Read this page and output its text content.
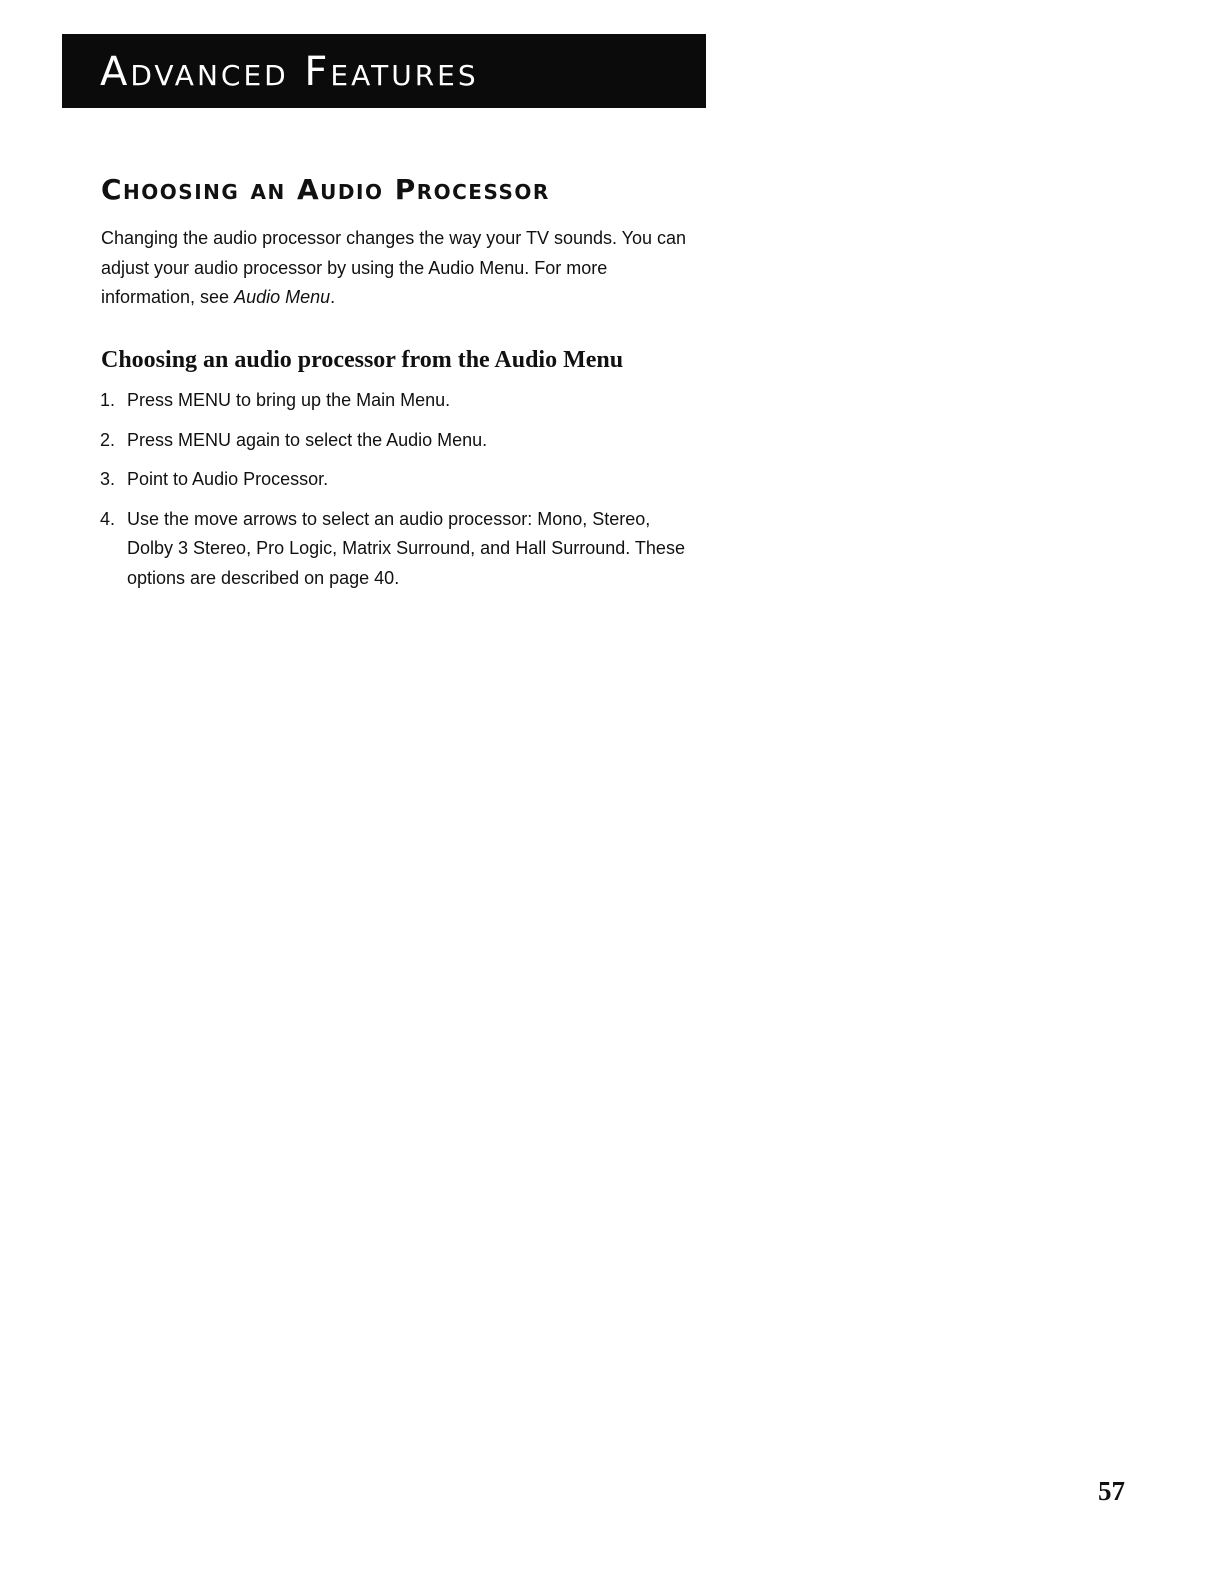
Advanced Features
Choosing an Audio Processor

Changing the audio processor changes the way your TV sounds. You can adjust your audio processor by using the Audio Menu. For more information, see Audio Menu.

Choosing an audio processor from the Audio Menu
1. Press MENU to bring up the Main Menu.
2. Press MENU again to select the Audio Menu.
3. Point to Audio Processor.
4. Use the move arrows to select an audio processor: Mono, Stereo, Dolby 3 Stereo, Pro Logic, Matrix Surround, and Hall Surround. These options are described on page 40.
57
